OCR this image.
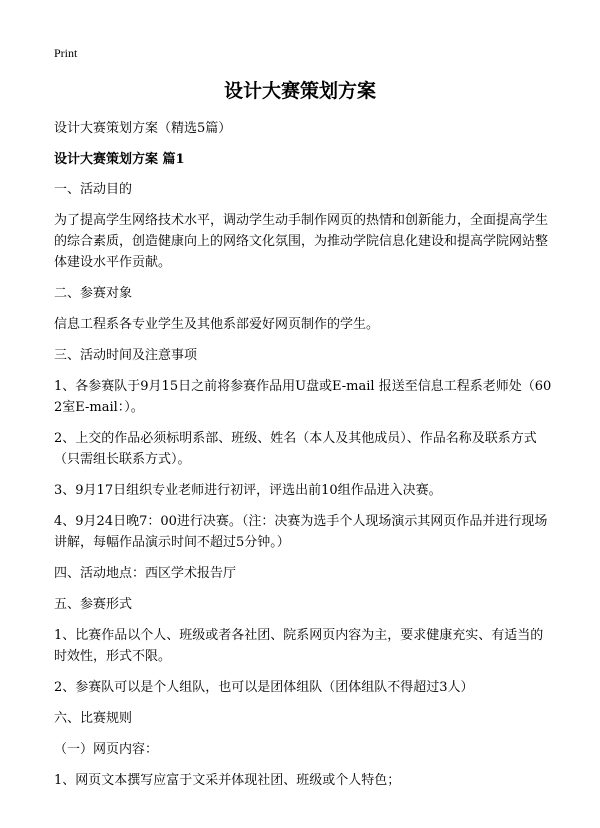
Print
设计大赛策划方案

设计大赛策划方案（精选5篇）

设计大赛策划方案 篇1

一、活动目的

为了提高学生网络技术水平，调动学生动手制作网页的热情和创新能力，全面提高学生的综合素质，创造健康向上的网络文化氛围，为推动学院信息化建设和提高学院网站整体建设水平作贡献。

二、参赛对象

信息工程系各专业学生及其他系部爱好网页制作的学生。

三、活动时间及注意事项

1、各参赛队于9月15日之前将参赛作品用U盘或E-mail 报送至信息工程系老师处（602室E-mail：）。

2、上交的作品必须标明系部、班级、姓名（本人及其他成员）、作品名称及联系方式（只需组长联系方式）。

3、9月17日组织专业老师进行初评，评选出前10组作品进入决赛。

4、9月24日晚7：00进行决赛。（注：决赛为选手个人现场演示其网页作品并进行现场讲解，每幅作品演示时间不超过5分钟。）

四、活动地点：西区学术报告厅

五、参赛形式

1、比赛作品以个人、班级或者各社团、院系网页内容为主，要求健康充实、有适当的时效性，形式不限。

2、参赛队可以是个人组队，也可以是团体组队（团体组队不得超过3人）

六、比赛规则

（一）网页内容：

1、网页文本撰写应富于文采并体现社团、班级或个人特色；
